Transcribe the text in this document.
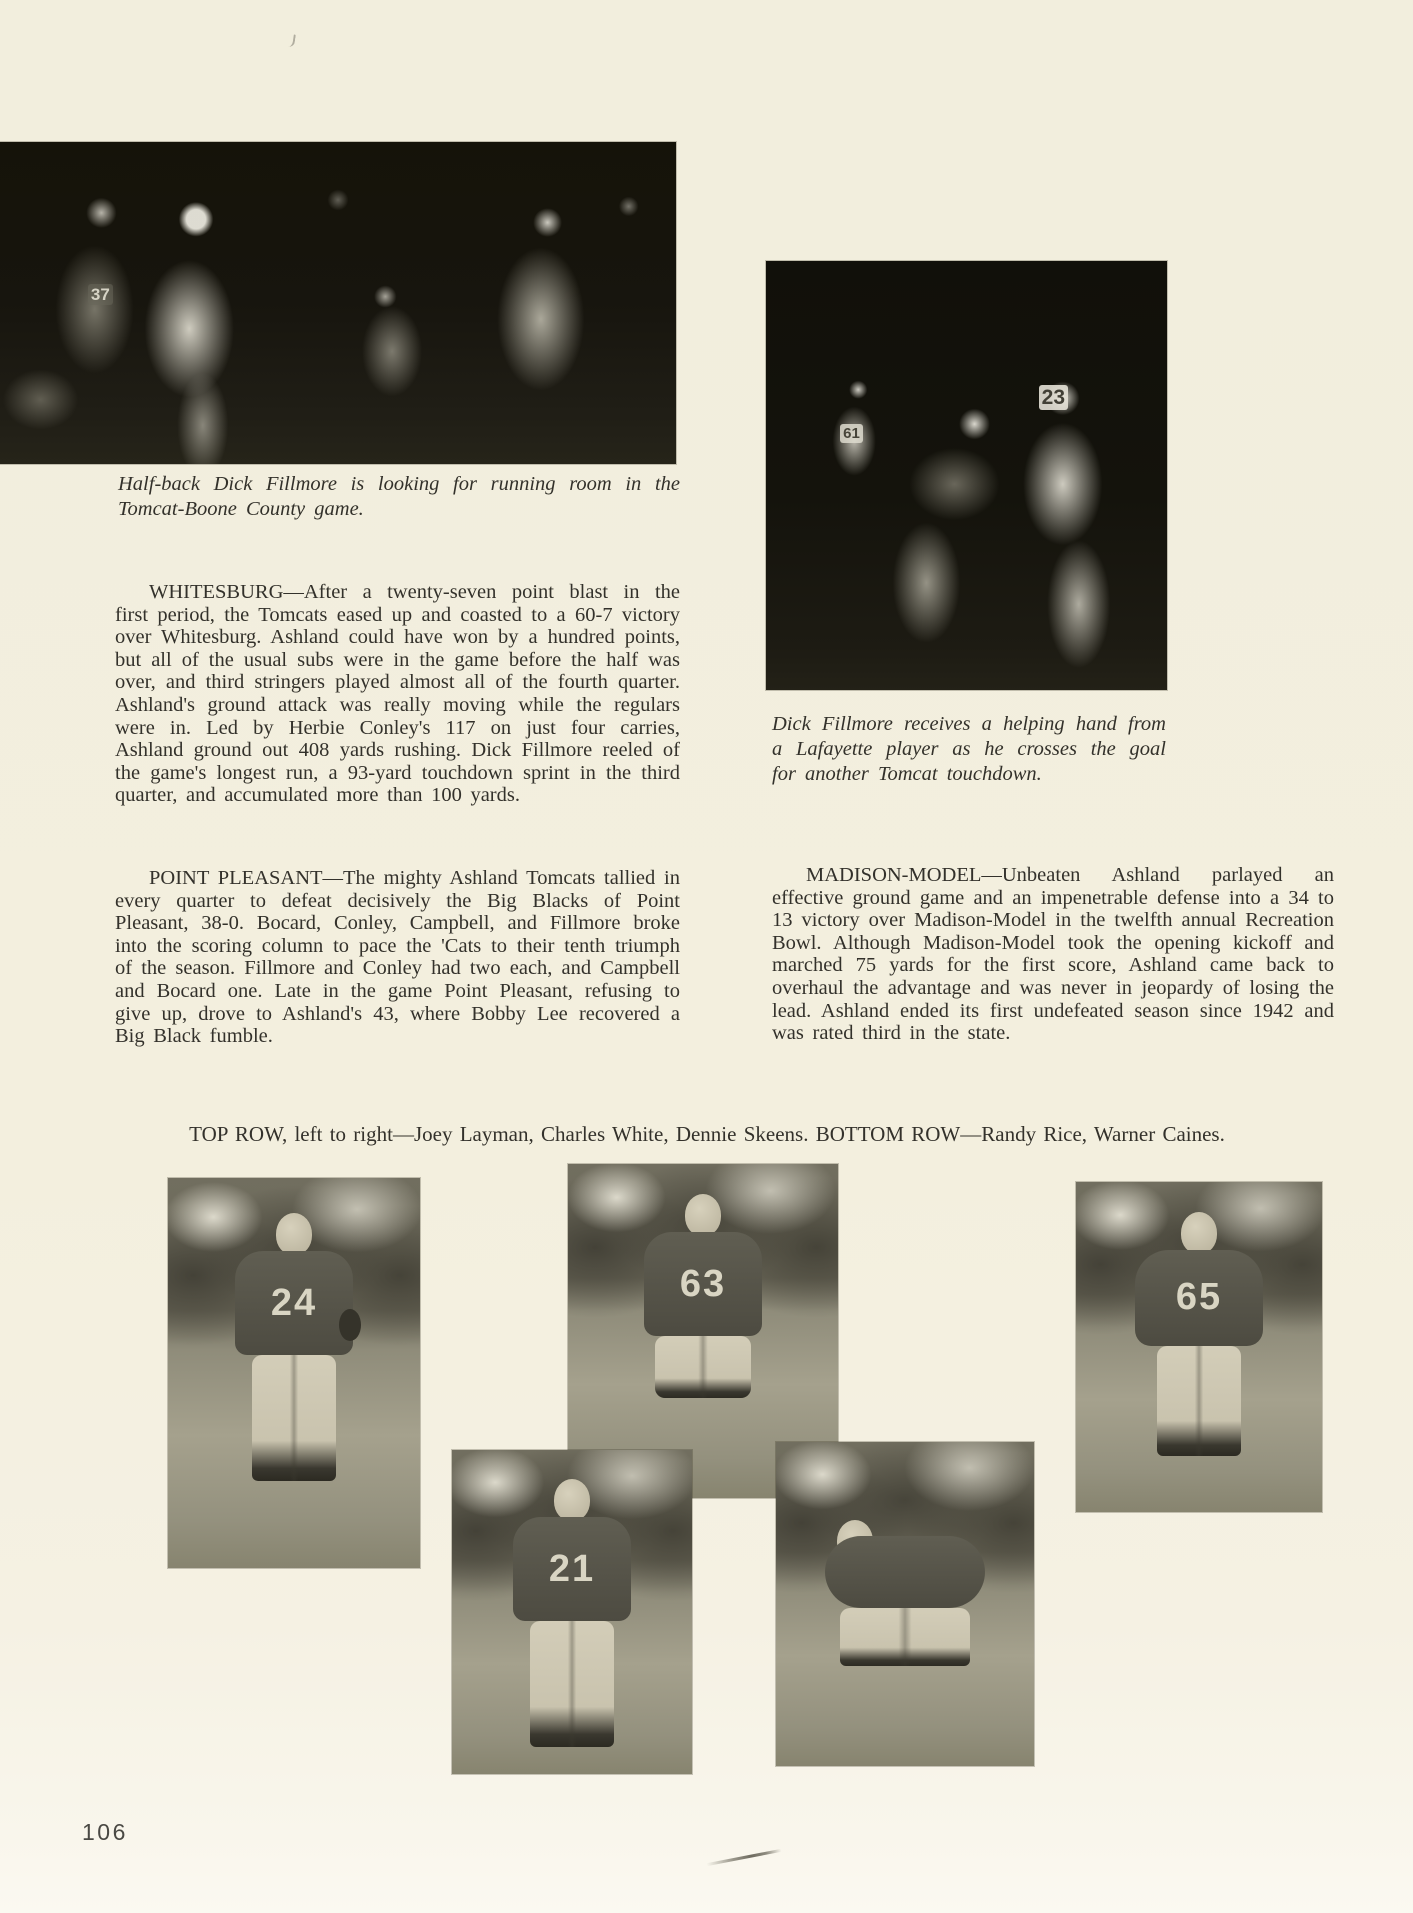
37

Half-back Dick Fillmore is looking for running room in the Tomcat-Boone County game.

61
23

Dick Fillmore receives a helping hand from a Lafayette player as he crosses the goal for another Tomcat touchdown.

WHITESBURG—After a twenty-seven point blast in the first period, the Tomcats eased up and coasted to a 60-7 victory over Whitesburg. Ashland could have won by a hundred points, but all of the usual subs were in the game before the half was over, and third stringers played almost all of the fourth quarter. Ashland's ground attack was really moving while the regulars were in. Led by Herbie Conley's 117 on just four carries, Ashland ground out 408 yards rushing. Dick Fillmore reeled of the game's longest run, a 93-yard touchdown sprint in the third quarter, and accumulated more than 100 yards.

POINT PLEASANT—The mighty Ashland Tomcats tallied in every quarter to defeat decisively the Big Blacks of Point Pleasant, 38-0. Bocard, Conley, Campbell, and Fillmore broke into the scoring column to pace the 'Cats to their tenth triumph of the season. Fillmore and Conley had two each, and Campbell and Bocard one. Late in the game Point Pleasant, refusing to give up, drove to Ashland's 43, where Bobby Lee recovered a Big Black fumble.

MADISON-MODEL—Unbeaten Ashland parlayed an effective ground game and an impenetrable defense into a 34 to 13 victory over Madison-Model in the twelfth annual Recreation Bowl. Although Madison-Model took the opening kickoff and marched 75 yards for the first score, Ashland came back to overhaul the advantage and was never in jeopardy of losing the lead. Ashland ended its first undefeated season since 1942 and was rated third in the state.

TOP ROW, left to right—Joey Layman, Charles White, Dennie Skeens. BOTTOM ROW—Randy Rice, Warner Caines.

24	63	65
21
106
